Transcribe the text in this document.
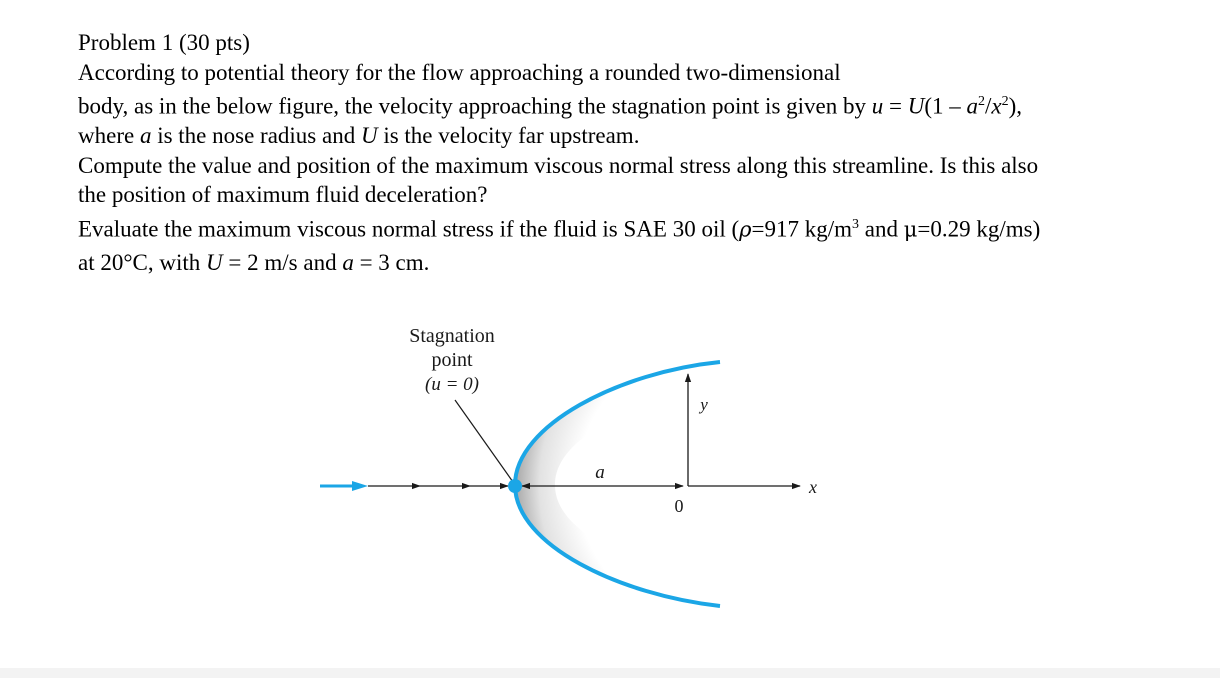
Problem 1 (30 pts)
According to potential theory for the flow approaching a rounded two-dimensional
body, as in the below figure, the velocity approaching the stagnation point is given by $u = U(1 - a^2/x^2)$,
where a is the nose radius and U is the velocity far upstream.
Compute the value and position of the maximum viscous normal stress along this streamline. Is this also
the position of maximum fluid deceleration?
Evaluate the maximum viscous normal stress if the fluid is SAE 30 oil (ρ=917 $kg/m^3$ and μ=0.29 kg/ms)
at 20°C, with U = 2 m/s and a = 3 cm.
Stagnation
point
(u = 0)
a
y
x
0
